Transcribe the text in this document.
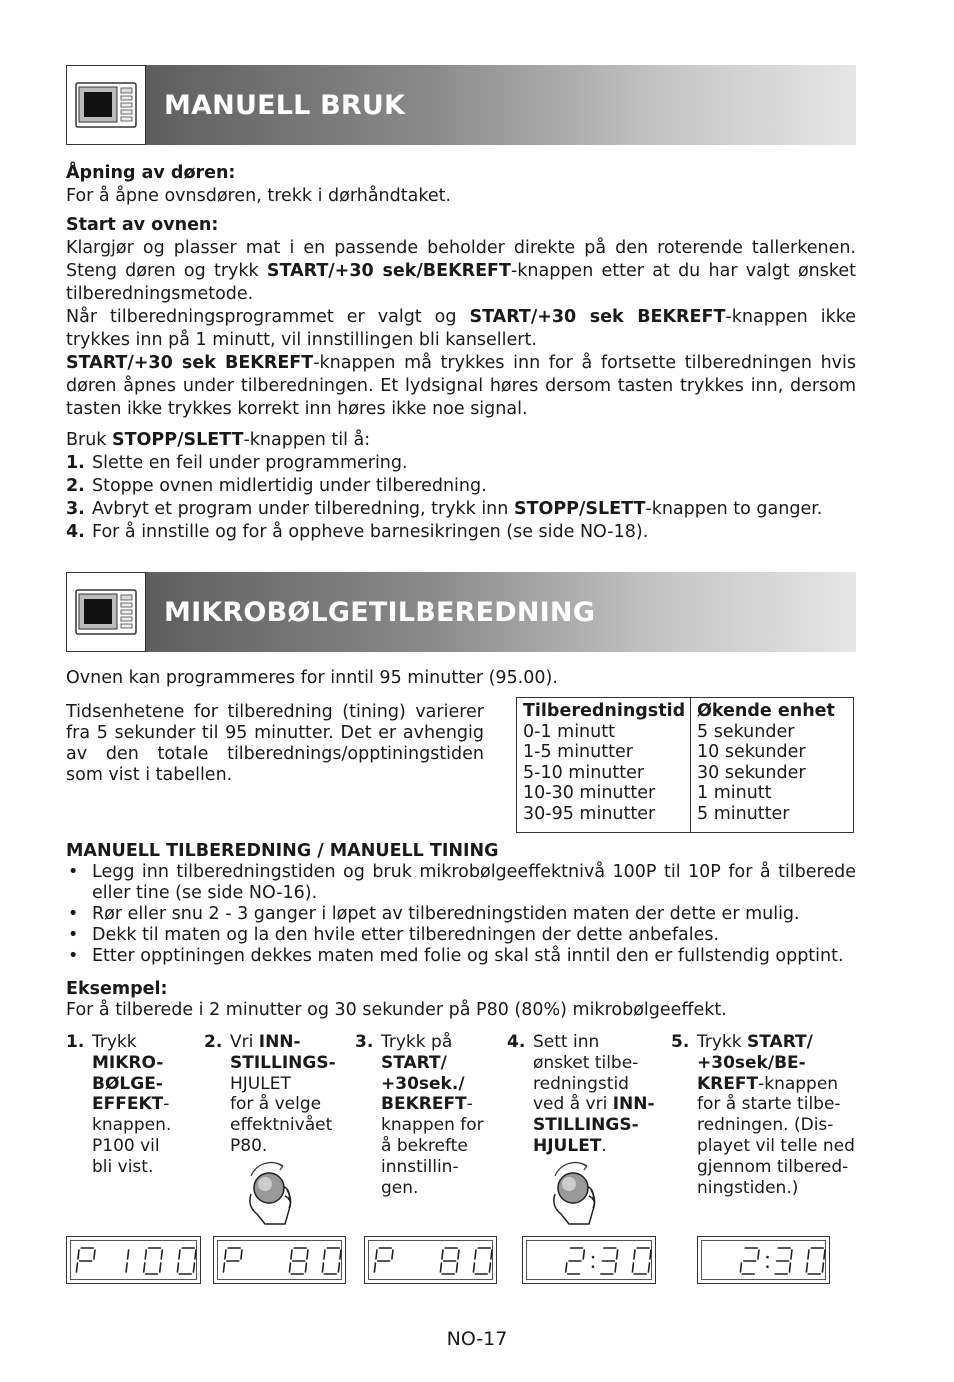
MANUELL BRUK
Åpning av døren:
For å åpne ovnsdøren, trekk i dørhåndtaket.
Start av ovnen:
Klargjør og plasser mat i en passende beholder direkte på den roterende tallerkenen. Steng døren og trykk START/+30 sek/BEKREFT-knappen etter at du har valgt ønsket tilberedningsmetode.
Når tilberedningsprogrammet er valgt og START/+30 sek BEKREFT-knappen ikke trykkes inn på 1 minutt, vil innstillingen bli kansellert.
START/+30 sek BEKREFT-knappen må trykkes inn for å fortsette tilberedningen hvis døren åpnes under tilberedningen. Et lydsignal høres dersom tasten trykkes inn, dersom tasten ikke trykkes korrekt inn høres ikke noe signal.
Bruk STOPP/SLETT-knappen til å:
1. Slette en feil under programmering.
2. Stoppe ovnen midlertidig under tilberedning.
3. Avbryt et program under tilberedning, trykk inn STOPP/SLETT-knappen to ganger.
4. For å innstille og for å oppheve barnesikringen (se side NO-18).
MIKROBØLGETILBEREDNING
Ovnen kan programmeres for inntil 95 minutter (95.00).
Tidsenhetene for tilberedning (tining) varierer fra 5 sekunder til 95 minutter. Det er avhengig av den totale tilberednings/opptiningstiden som vist i tabellen.
Tilberedningstid
0-1 minutt
1-5 minutter
5-10 minutter
10-30 minutter
30-95 minutter
Økende enhet
5 sekunder
10 sekunder
30 sekunder
1 minutt
5 minutter
MANUELL TILBEREDNING / MANUELL TINING
• Legg inn tilberedningstiden og bruk mikrobølgeeffektnivå 100P til 10P for å tilberede eller tine (se side NO-16).
• Rør eller snu 2 - 3 ganger i løpet av tilberedningstiden maten der dette er mulig.
• Dekk til maten og la den hvile etter tilberedningen der dette anbefales.
• Etter opptiningen dekkes maten med folie og skal stå inntil den er fullstendig opptint.
Eksempel:
For å tilberede i 2 minutter og 30 sekunder på P80 (80%) mikrobølgeeffekt.
1. Trykk
MIKRO-
BØLGE-
EFFEKT-
knappen.
P100 vil
bli vist.
2. Vri INN-
STILLINGS-
HJULET
for å velge
effektnivået
P80.
3. Trykk på
START/
+30sek./
BEKREFT-
knappen for
å bekrefte
innstillin-
gen.
4. Sett inn
ønsket tilbe-
redningstid
ved å vri INN-
STILLINGS-
HJULET.
5. Trykk START/
+30sek/BE-
KREFT-knappen
for å starte tilbe-
redningen. (Dis-
playet vil telle ned
gjennom tilbered-
ningstiden.)
NO-17
